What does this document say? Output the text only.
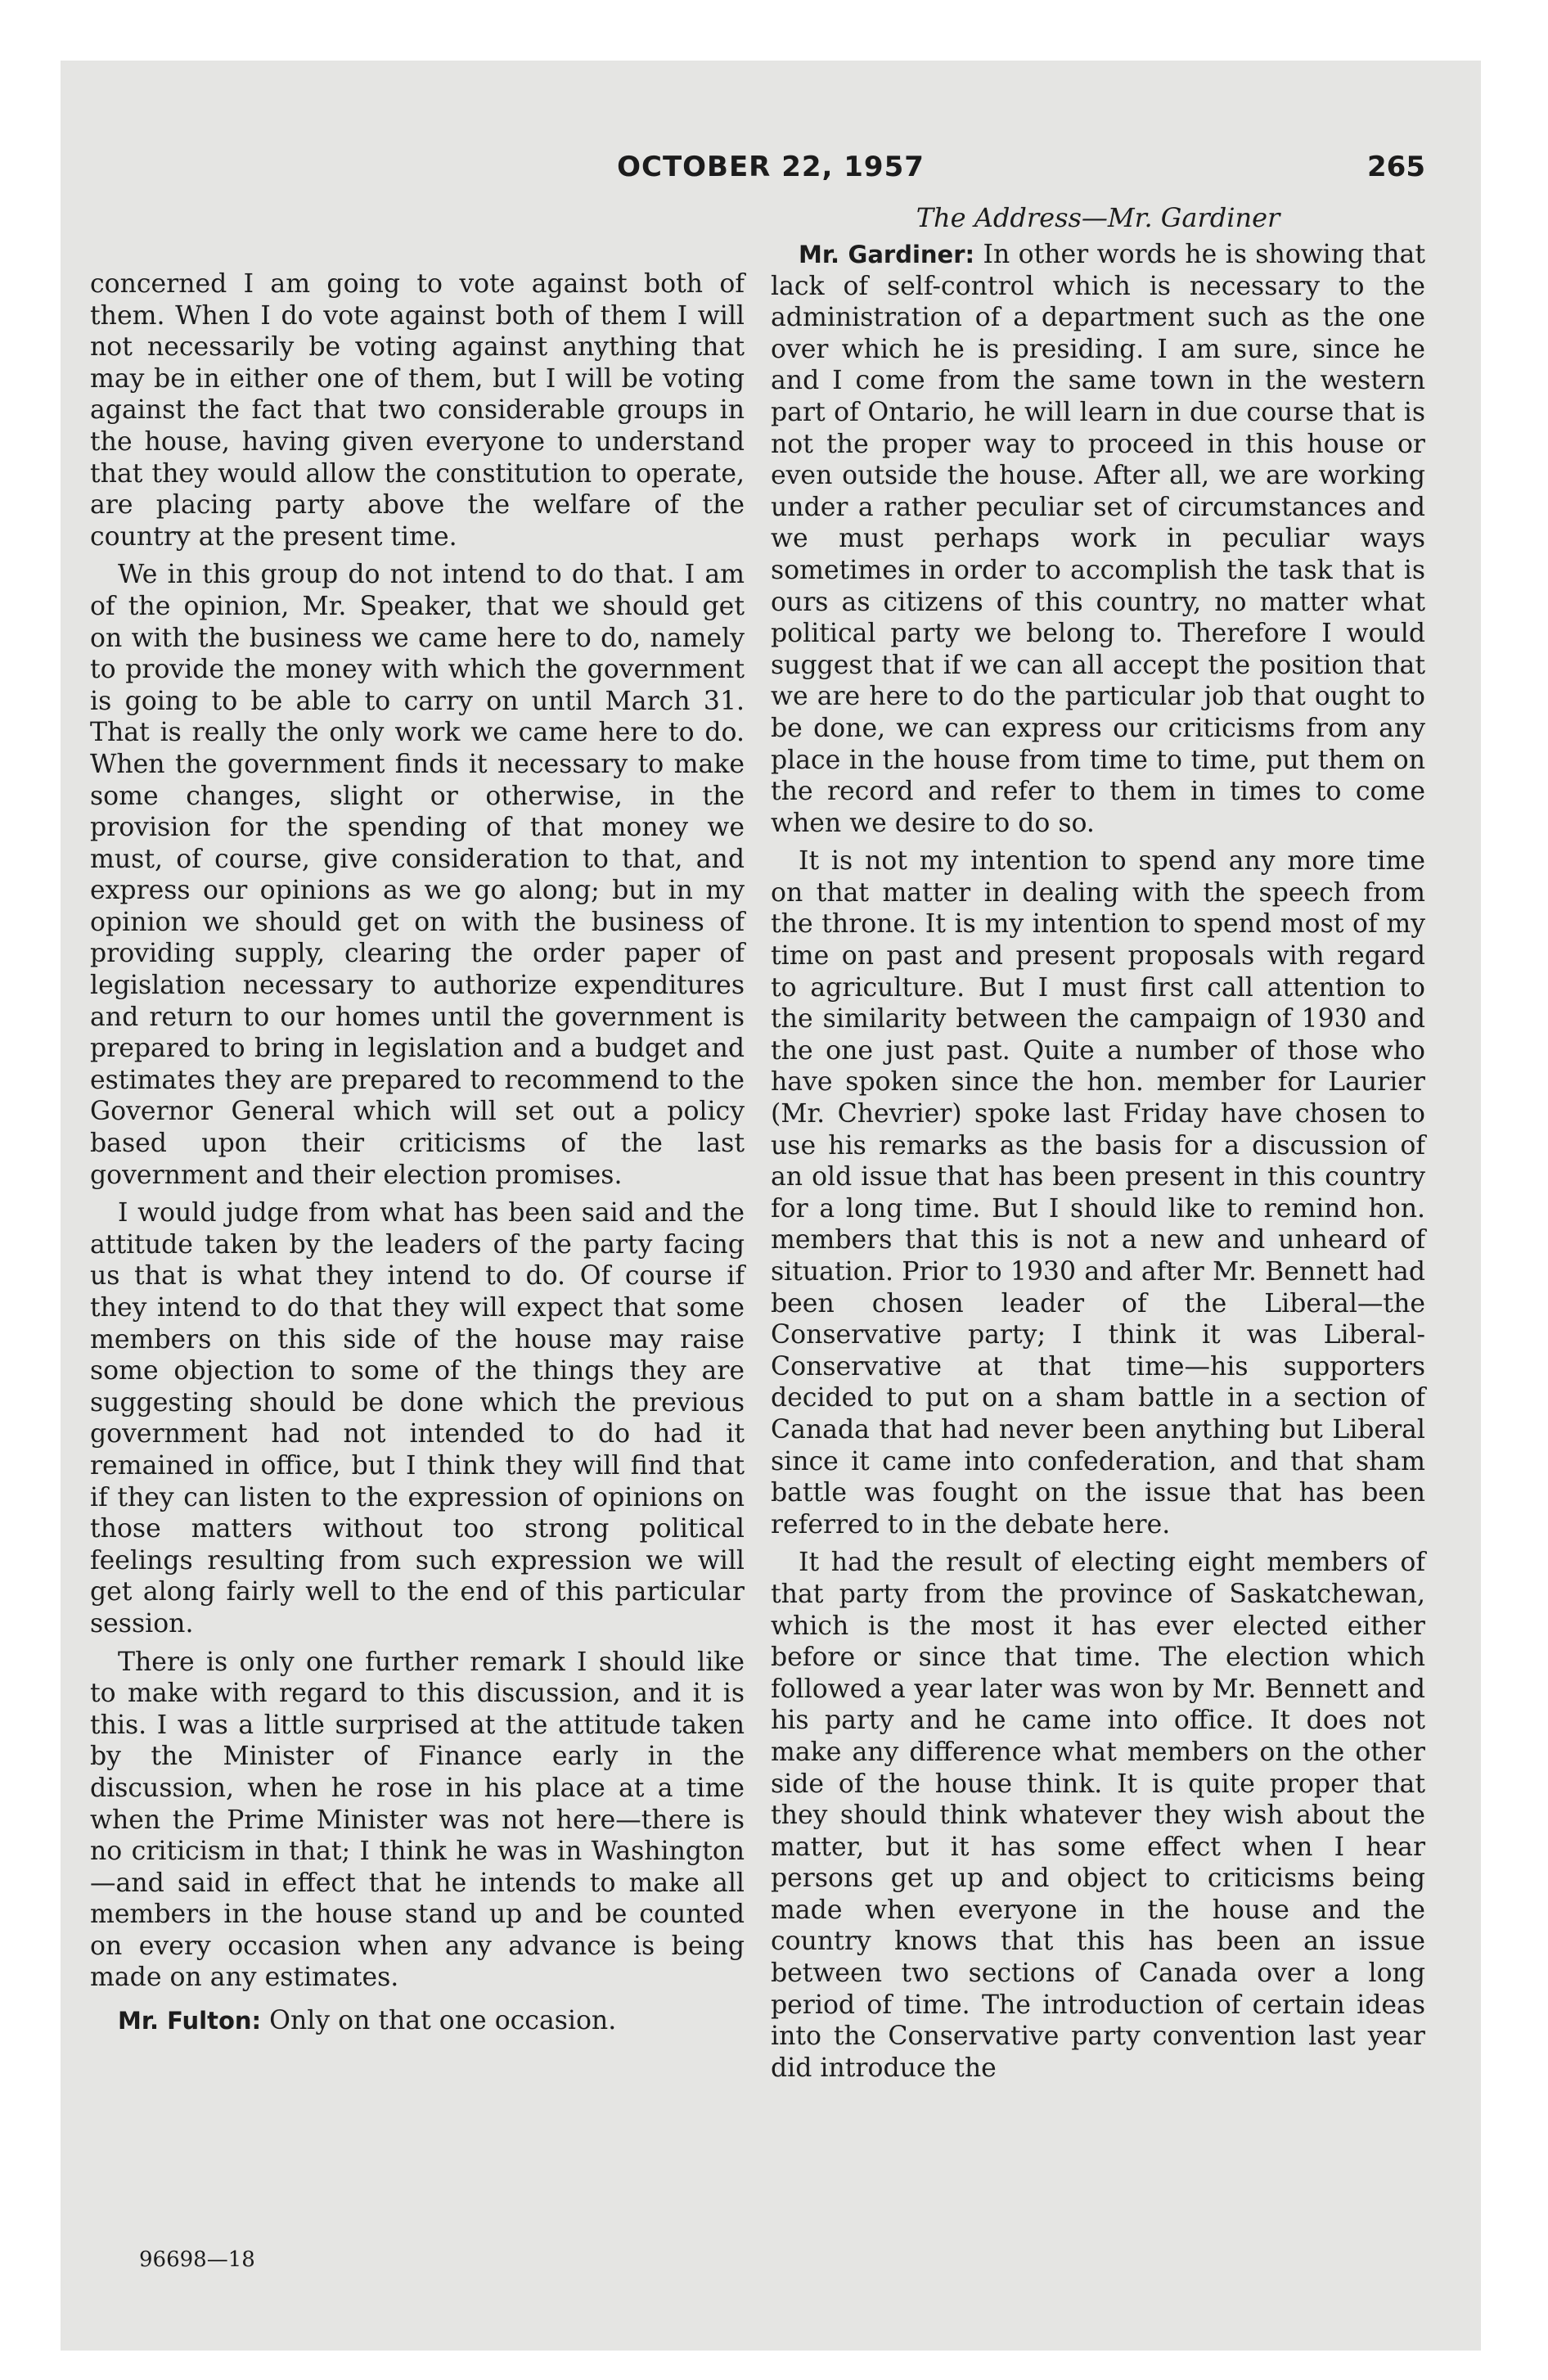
OCTOBER 22, 1957	265

concerned I am going to vote against both of them. When I do vote against both of them I will not necessarily be voting against anything that may be in either one of them, but I will be voting against the fact that two considerable groups in the house, having given everyone to understand that they would allow the constitution to operate, are placing party above the welfare of the country at the present time.

We in this group do not intend to do that. I am of the opinion, Mr. Speaker, that we should get on with the business we came here to do, namely to provide the money with which the government is going to be able to carry on until March 31. That is really the only work we came here to do. When the government finds it necessary to make some changes, slight or otherwise, in the provision for the spending of that money we must, of course, give consideration to that, and express our opinions as we go along; but in my opinion we should get on with the business of providing supply, clearing the order paper of legislation necessary to authorize expenditures and return to our homes until the government is prepared to bring in legislation and a budget and estimates they are prepared to recommend to the Governor General which will set out a policy based upon their criticisms of the last government and their election promises.

I would judge from what has been said and the attitude taken by the leaders of the party facing us that is what they intend to do. Of course if they intend to do that they will expect that some members on this side of the house may raise some objection to some of the things they are suggesting should be done which the previous government had not intended to do had it remained in office, but I think they will find that if they can listen to the expression of opinions on those matters without too strong political feelings resulting from such expression we will get along fairly well to the end of this particular session.

There is only one further remark I should like to make with regard to this discussion, and it is this. I was a little surprised at the attitude taken by the Minister of Finance early in the discussion, when he rose in his place at a time when the Prime Minister was not here—there is no criticism in that; I think he was in Washington—and said in effect that he intends to make all members in the house stand up and be counted on every occasion when any advance is being made on any estimates.

Mr. Fulton: Only on that one occasion.

The Address—Mr. Gardiner

Mr. Gardiner: In other words he is showing that lack of self-control which is necessary to the administration of a department such as the one over which he is presiding. I am sure, since he and I come from the same town in the western part of Ontario, he will learn in due course that is not the proper way to proceed in this house or even outside the house. After all, we are working under a rather peculiar set of circumstances and we must perhaps work in peculiar ways sometimes in order to accomplish the task that is ours as citizens of this country, no matter what political party we belong to. Therefore I would suggest that if we can all accept the position that we are here to do the particular job that ought to be done, we can express our criticisms from any place in the house from time to time, put them on the record and refer to them in times to come when we desire to do so.

It is not my intention to spend any more time on that matter in dealing with the speech from the throne. It is my intention to spend most of my time on past and present proposals with regard to agriculture. But I must first call attention to the similarity between the campaign of 1930 and the one just past. Quite a number of those who have spoken since the hon. member for Laurier (Mr. Chevrier) spoke last Friday have chosen to use his remarks as the basis for a discussion of an old issue that has been present in this country for a long time. But I should like to remind hon. members that this is not a new and unheard of situation. Prior to 1930 and after Mr. Bennett had been chosen leader of the Liberal—the Conservative party; I think it was Liberal-Conservative at that time—his supporters decided to put on a sham battle in a section of Canada that had never been anything but Liberal since it came into confederation, and that sham battle was fought on the issue that has been referred to in the debate here.

It had the result of electing eight members of that party from the province of Saskatchewan, which is the most it has ever elected either before or since that time. The election which followed a year later was won by Mr. Bennett and his party and he came into office. It does not make any difference what members on the other side of the house think. It is quite proper that they should think whatever they wish about the matter, but it has some effect when I hear persons get up and object to criticisms being made when everyone in the house and the country knows that this has been an issue between two sections of Canada over a long period of time. The introduction of certain ideas into the Conservative party convention last year did introduce the

96698—18
